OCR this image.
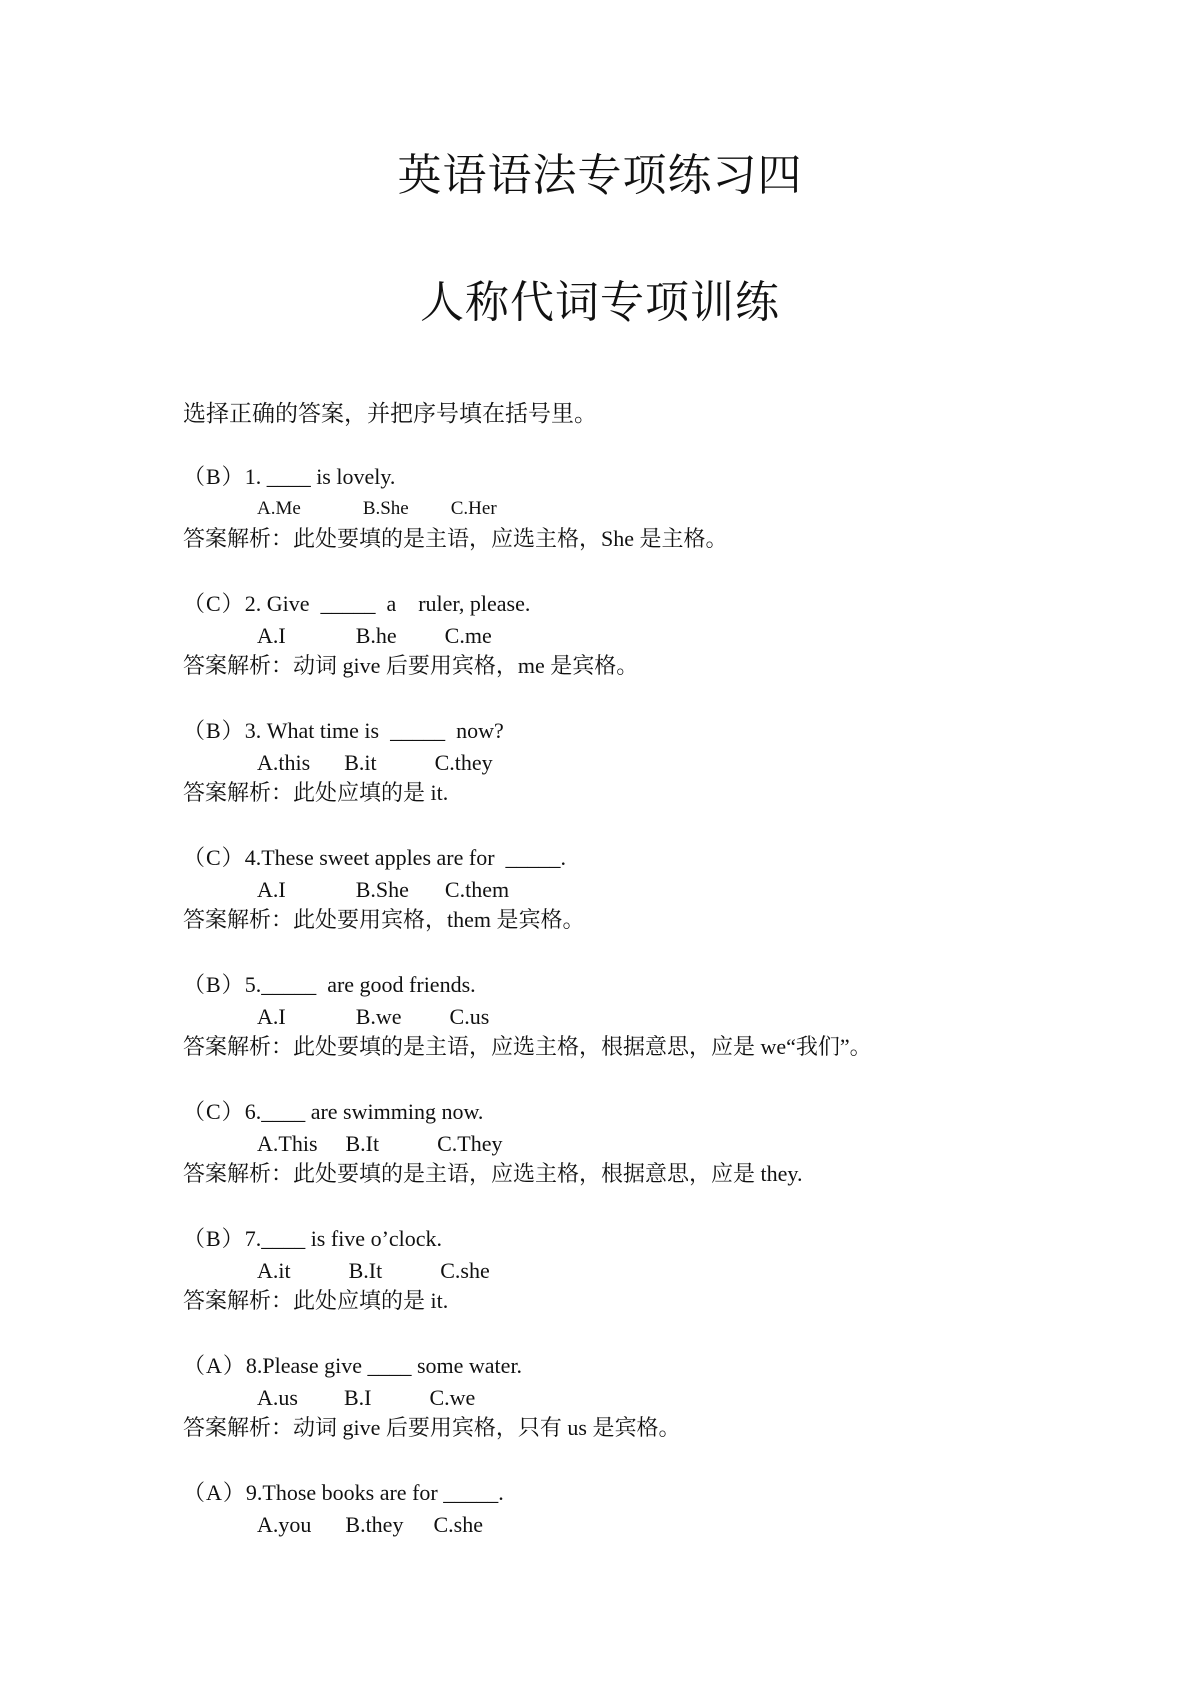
英语语法专项练习四
人称代词专项训练
选择正确的答案，并把序号填在括号里。
（B）1. ____ is lovely.
A.Me	B.She C.Her
答案解析：此处要填的是主语，应选主格，She 是主格。
（C）2. Give  _____  a    ruler, please.
A.I	B.he C.me
答案解析：动词 give 后要用宾格，me 是宾格。
（B）3. What time is  _____  now?
A.this B.it	C.they
答案解析：此处应填的是 it.
（C）4.These sweet apples are for  _____.
A.I	B.She C.them
答案解析：此处要用宾格，them 是宾格。
（B）5._____  are good friends.
A.I	B.we C.us
答案解析：此处要填的是主语，应选主格，根据意思，应是 we“我们”。
（C）6.____ are swimming now.
A.This B.It	C.They
答案解析：此处要填的是主语，应选主格，根据意思，应是 they.
（B）7.____ is five o’clock.
A.it	B.It	C.she
答案解析：此处应填的是 it.
（A）8.Please give ____ some water.
A.us B.I	C.we
答案解析：动词 give 后要用宾格，只有 us 是宾格。
（A）9.Those books are for _____.
A.you B.they C.she
